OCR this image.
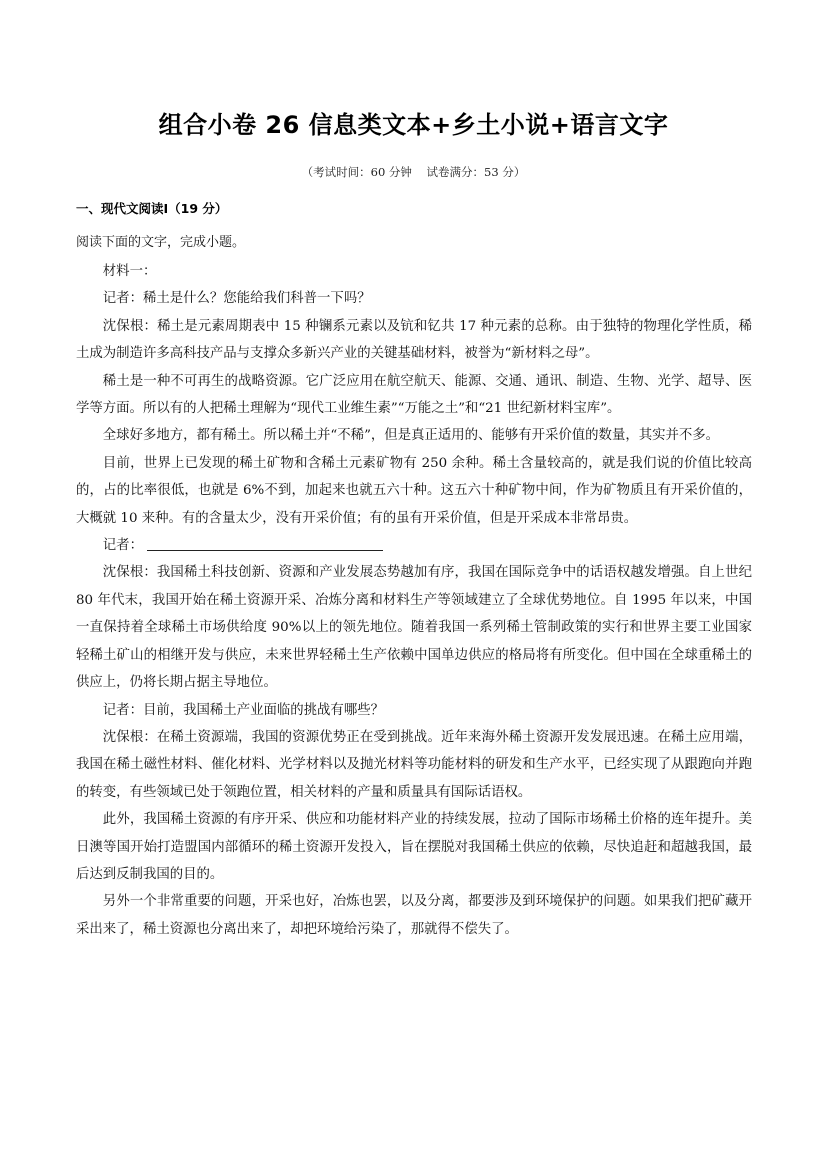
组合小卷 26 信息类文本+乡土小说+语言文字
（考试时间：60 分钟    试卷满分：53 分）
一、现代文阅读Ⅰ（19 分）
阅读下面的文字，完成小题。

材料一：

记者：稀土是什么？您能给我们科普一下吗？

沈保根：稀土是元素周期表中 15 种镧系元素以及钪和钇共 17 种元素的总称。由于独特的物理化学性质，稀土成为制造许多高科技产品与支撑众多新兴产业的关键基础材料，被誉为“新材料之母”。

稀土是一种不可再生的战略资源。它广泛应用在航空航天、能源、交通、通讯、制造、生物、光学、超导、医学等方面。所以有的人把稀土理解为“现代工业维生素”“万能之土”和“21 世纪新材料宝库”。

全球好多地方，都有稀土。所以稀土并“不稀”，但是真正适用的、能够有开采价值的数量，其实并不多。

目前，世界上已发现的稀土矿物和含稀土元素矿物有 250 余种。稀土含量较高的，就是我们说的价值比较高的，占的比率很低，也就是 6%不到，加起来也就五六十种。这五六十种矿物中间，作为矿物质且有开采价值的，大概就 10 来种。有的含量太少，没有开采价值；有的虽有开采价值，但是开采成本非常昂贵。

记者：

沈保根：我国稀土科技创新、资源和产业发展态势越加有序，我国在国际竞争中的话语权越发增强。自上世纪 80 年代末，我国开始在稀土资源开采、冶炼分离和材料生产等领域建立了全球优势地位。自 1995 年以来，中国一直保持着全球稀土市场供给度 90%以上的领先地位。随着我国一系列稀土管制政策的实行和世界主要工业国家轻稀土矿山的相继开发与供应，未来世界轻稀土生产依赖中国单边供应的格局将有所变化。但中国在全球重稀土的供应上，仍将长期占据主导地位。

记者：目前，我国稀土产业面临的挑战有哪些？

沈保根：在稀土资源端，我国的资源优势正在受到挑战。近年来海外稀土资源开发发展迅速。在稀土应用端，我国在稀土磁性材料、催化材料、光学材料以及抛光材料等功能材料的研发和生产水平，已经实现了从跟跑向并跑的转变，有些领域已处于领跑位置，相关材料的产量和质量具有国际话语权。

此外，我国稀土资源的有序开采、供应和功能材料产业的持续发展，拉动了国际市场稀土价格的连年提升。美日澳等国开始打造盟国内部循环的稀土资源开发投入，旨在摆脱对我国稀土供应的依赖，尽快追赶和超越我国，最后达到反制我国的目的。

另外一个非常重要的问题，开采也好，冶炼也罢，以及分离，都要涉及到环境保护的问题。如果我们把矿藏开采出来了，稀土资源也分离出来了，却把环境给污染了，那就得不偿失了。
